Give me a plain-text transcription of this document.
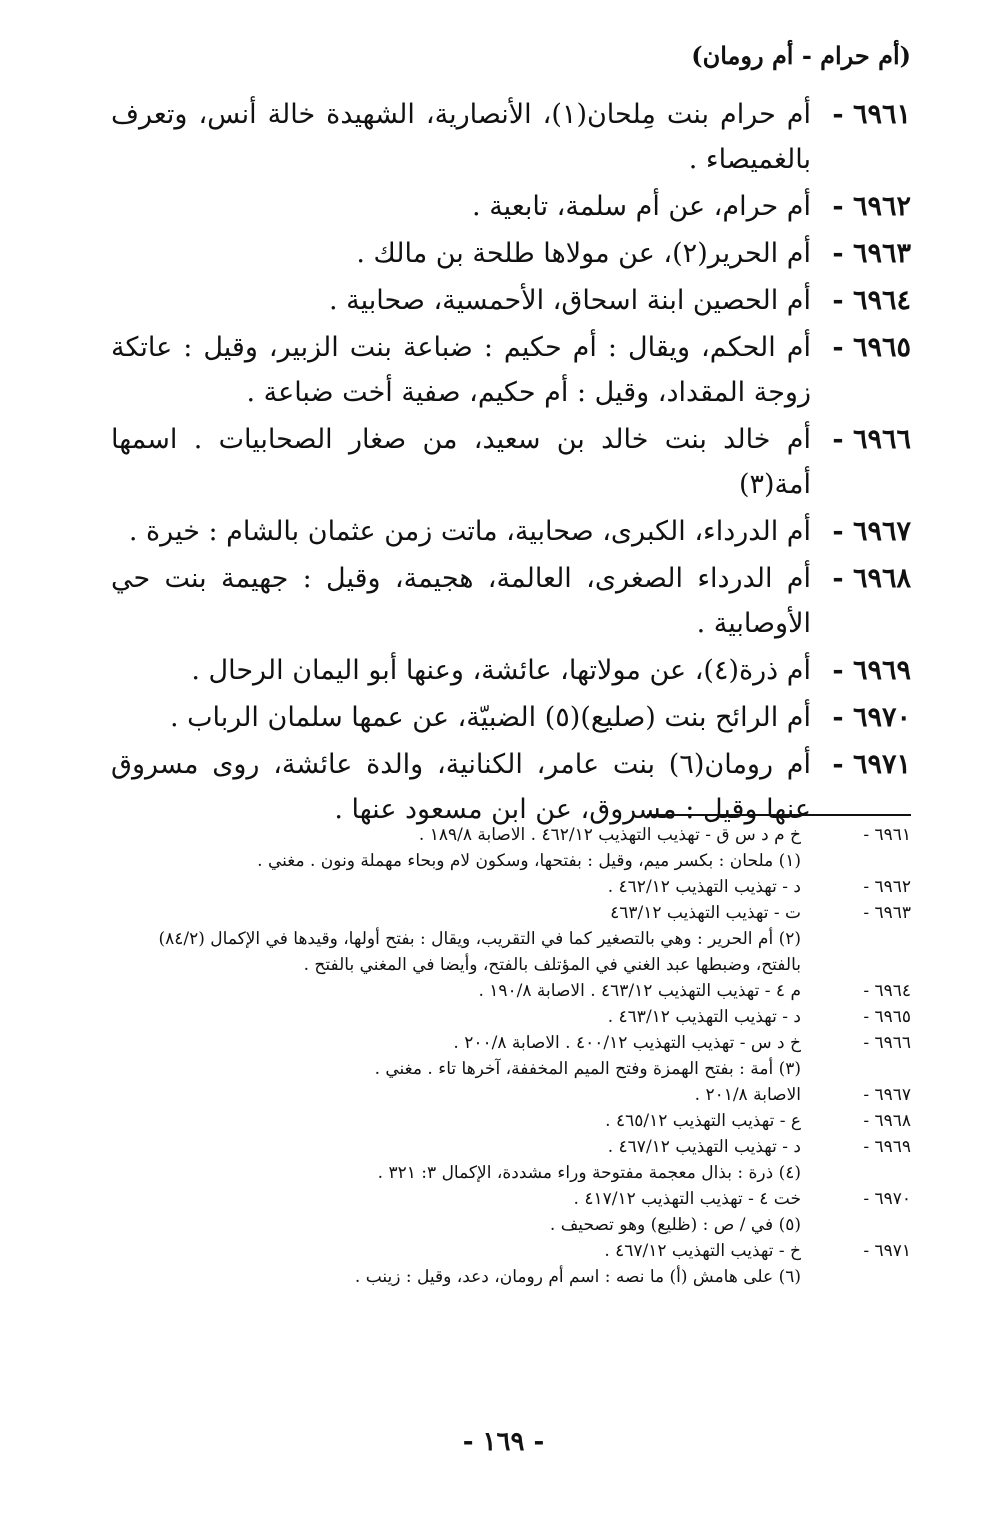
(أم حرام - أم رومان)
٦٩٦١ -
أم حرام بنت مِلحان(١)، الأنصارية، الشهيدة خالة أنس، وتعرف بالغميصاء .
٦٩٦٢ -
أم حرام، عن أم سلمة، تابعية .
٦٩٦٣ -
أم الحرير(٢)، عن مولاها طلحة بن مالك .
٦٩٦٤ -
أم الحصين ابنة اسحاق، الأحمسية، صحابية .
٦٩٦٥ -
أم الحكم، ويقال : أم حكيم : ضباعة بنت الزبير، وقيل : عاتكة زوجة المقداد، وقيل : أم حكيم، صفية أخت ضباعة .
٦٩٦٦ -
أم خالد بنت خالد بن سعيد، من صغار الصحابيات . اسمها أمة(٣)
٦٩٦٧ -
أم الدرداء، الكبرى، صحابية، ماتت زمن عثمان بالشام : خيرة .
٦٩٦٨ -
أم الدرداء الصغرى، العالمة، هجيمة، وقيل : جهيمة بنت حي الأوصابية .
٦٩٦٩ -
أم ذرة(٤)، عن مولاتها، عائشة، وعنها أبو اليمان الرحال .
٦٩٧٠ -
أم الرائح بنت (صليع)(٥) الضبيّة، عن عمها سلمان الرباب .
٦٩٧١ -
أم رومان(٦) بنت عامر، الكنانية، والدة عائشة، روى مسروق عنها وقيل : مسروق، عن ابن مسعود عنها .
٦٩٦١ -
خ م د س ق - تهذيب التهذيب ٤٦٢/١٢ . الاصابة ١٨٩/٨ .
(١) ملحان : بكسر ميم، وقيل : بفتحها، وسكون لام وبحاء مهملة ونون . مغني .
٦٩٦٢ -
د - تهذيب التهذيب ٤٦٢/١٢ .
٦٩٦٣ -
ت - تهذيب التهذيب ٤٦٣/١٢
(٢) أم الحرير : وهي بالتصغير كما في التقريب، ويقال : بفتح أولها، وقيدها في الإكمال (٨٤/٢) بالفتح، وضبطها عبد الغني في المؤتلف بالفتح، وأيضا في المغني بالفتح .
٦٩٦٤ -
م ٤ - تهذيب التهذيب ٤٦٣/١٢ . الاصابة ١٩٠/٨ .
٦٩٦٥ -
د - تهذيب التهذيب ٤٦٣/١٢ .
٦٩٦٦ -
خ د س - تهذيب التهذيب ٤٠٠/١٢ . الاصابة ٢٠٠/٨ .
(٣) أمة : بفتح الهمزة وفتح الميم المخففة، آخرها تاء . مغني .
٦٩٦٧ -
الاصابة ٢٠١/٨ .
٦٩٦٨ -
ع - تهذيب التهذيب ٤٦٥/١٢ .
٦٩٦٩ -
د - تهذيب التهذيب ٤٦٧/١٢ .
(٤) ذرة : بذال معجمة مفتوحة وراء مشددة، الإكمال ٣: ٣٢١ .
٦٩٧٠ -
خت ٤ - تهذيب التهذيب ٤١٧/١٢ .
(٥) في / ص : (ظليع) وهو تصحيف .
٦٩٧١ -
خ - تهذيب التهذيب ٤٦٧/١٢ .
(٦) على هامش (أ) ما نصه : اسم أم رومان، دعد، وقيل : زينب .
- ١٦٩ -
